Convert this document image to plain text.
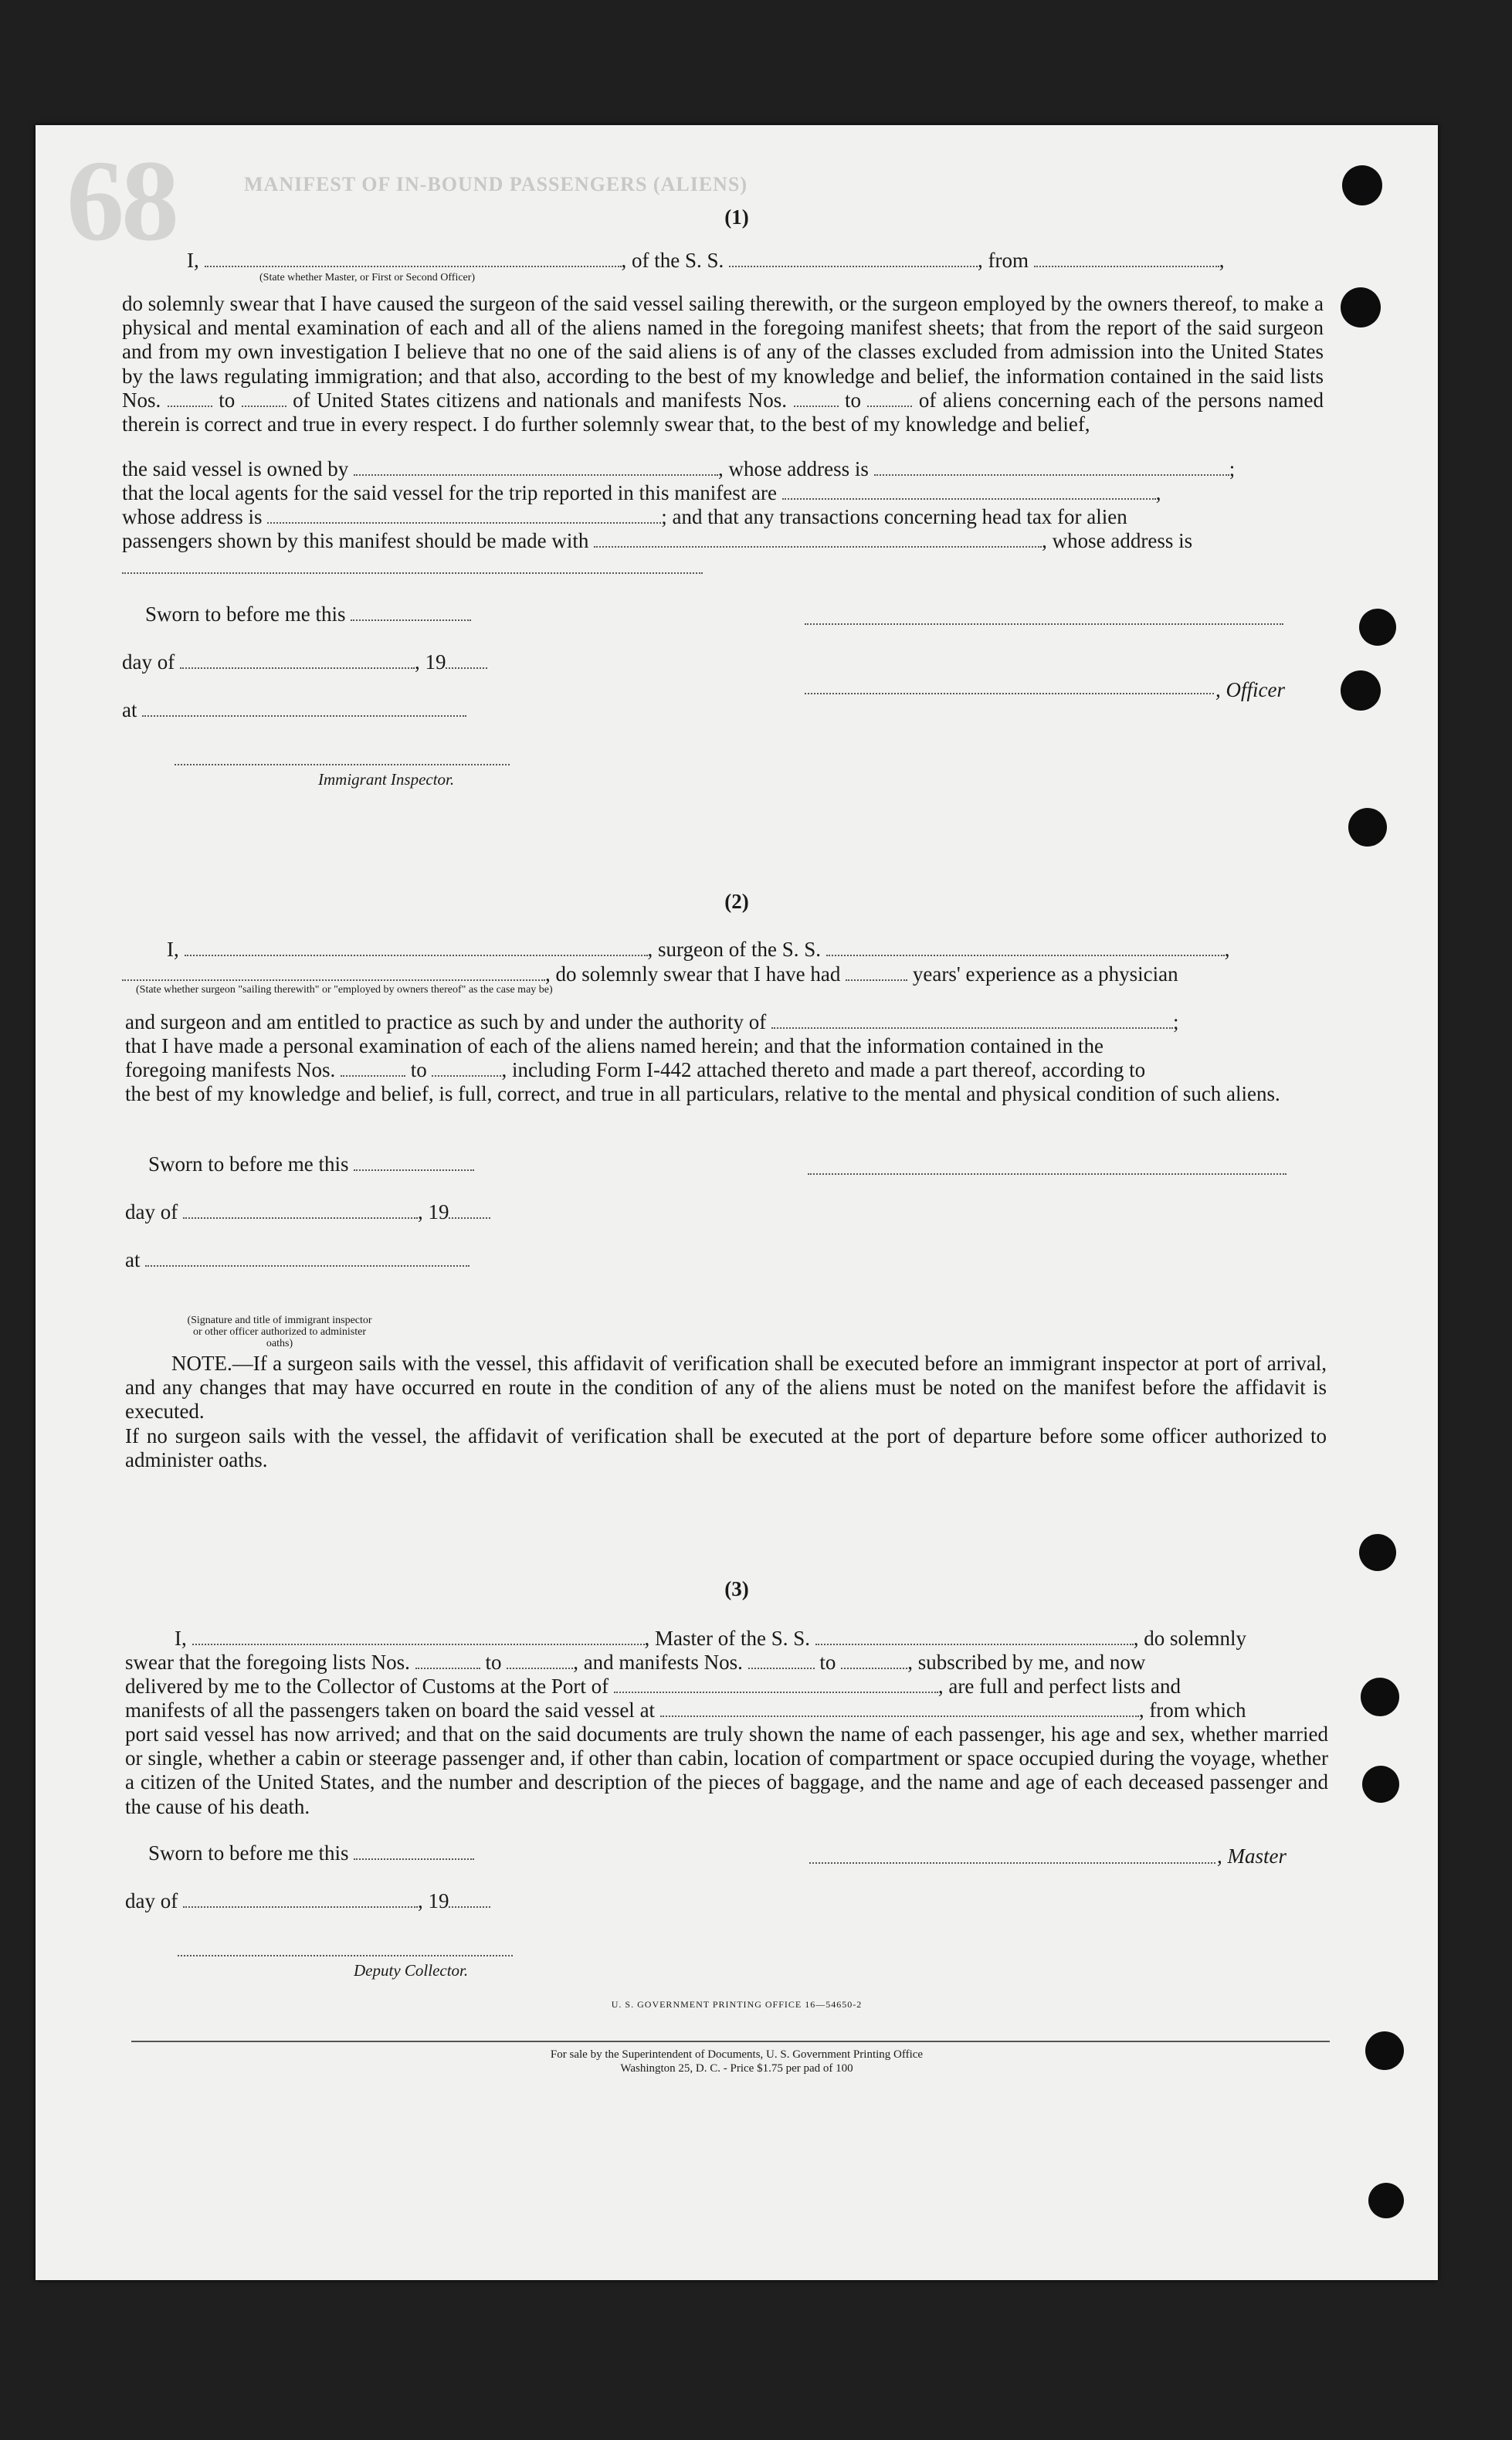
68	MANIFEST OF IN-BOUND PASSENGERS (ALIENS)
(1)
I,	, of the S. S.	, from	,
(State whether Master, or First or Second Officer)
do solemnly swear that I have caused the surgeon of the said vessel sailing therewith, or the surgeon employed by the owners thereof, to make a physical and mental examination of each and all of the aliens named in the foregoing manifest sheets; that from the report of the said surgeon and from my own investigation I believe that no one of the said aliens is of any of the classes excluded from admission into the United States by the laws regulating immigration; and that also, according to the best of my knowledge and belief, the information contained in the said lists Nos.	to	of United States citizens and nationals and manifests Nos.	to	of aliens concerning each of the persons named therein is correct and true in every respect. I do further solemnly swear that, to the best of my knowledge and belief,
the said vessel is owned by	, whose address is	;
that the local agents for the said vessel for the trip reported in this manifest are	,
whose address is	; and that any transactions concerning head tax for alien
passengers shown by this manifest should be made with	, whose address is
Sworn to before me this
day of	, 19
, Officer
at
Immigrant Inspector.
(2)
I,	, surgeon of the S. S.	,
, do solemnly swear that I have had	years' experience as a physician
(State whether surgeon "sailing therewith" or "employed by owners thereof" as the case may be)
and surgeon and am entitled to practice as such by and under the authority of	;
that I have made a personal examination of each of the aliens named herein; and that the information contained in the
foregoing manifests Nos.	to	, including Form I-442 attached thereto and made a part thereof, according to
the best of my knowledge and belief, is full, correct, and true in all particulars, relative to the mental and physical condition of such aliens.
Sworn to before me this
day of	, 19
at
(Signature and title of immigrant inspector or other officer authorized to administer oaths)
NOTE.—If a surgeon sails with the vessel, this affidavit of verification shall be executed before an immigrant inspector at port of arrival, and any changes that may have occurred en route in the condition of any of the aliens must be noted on the manifest before the affidavit is executed.
If no surgeon sails with the vessel, the affidavit of verification shall be executed at the port of departure before some officer authorized to administer oaths.
(3)
I,	, Master of the S. S.	, do solemnly
swear that the foregoing lists Nos.	to	, and manifests Nos.	to	, subscribed by me, and now
delivered by me to the Collector of Customs at the Port of	, are full and perfect lists and
manifests of all the passengers taken on board the said vessel at	, from which
port said vessel has now arrived; and that on the said documents are truly shown the name of each passenger, his age and sex, whether married or single, whether a cabin or steerage passenger and, if other than cabin, location of compartment or space occupied during the voyage, whether a citizen of the United States, and the number and description of the pieces of baggage, and the name and age of each deceased passenger and the cause of his death.
Sworn to before me this	, Master
day of	, 19
Deputy Collector.
U. S. GOVERNMENT PRINTING OFFICE 16—54650-2
For sale by the Superintendent of Documents, U. S. Government Printing Office
Washington 25, D. C. - Price $1.75 per pad of 100
